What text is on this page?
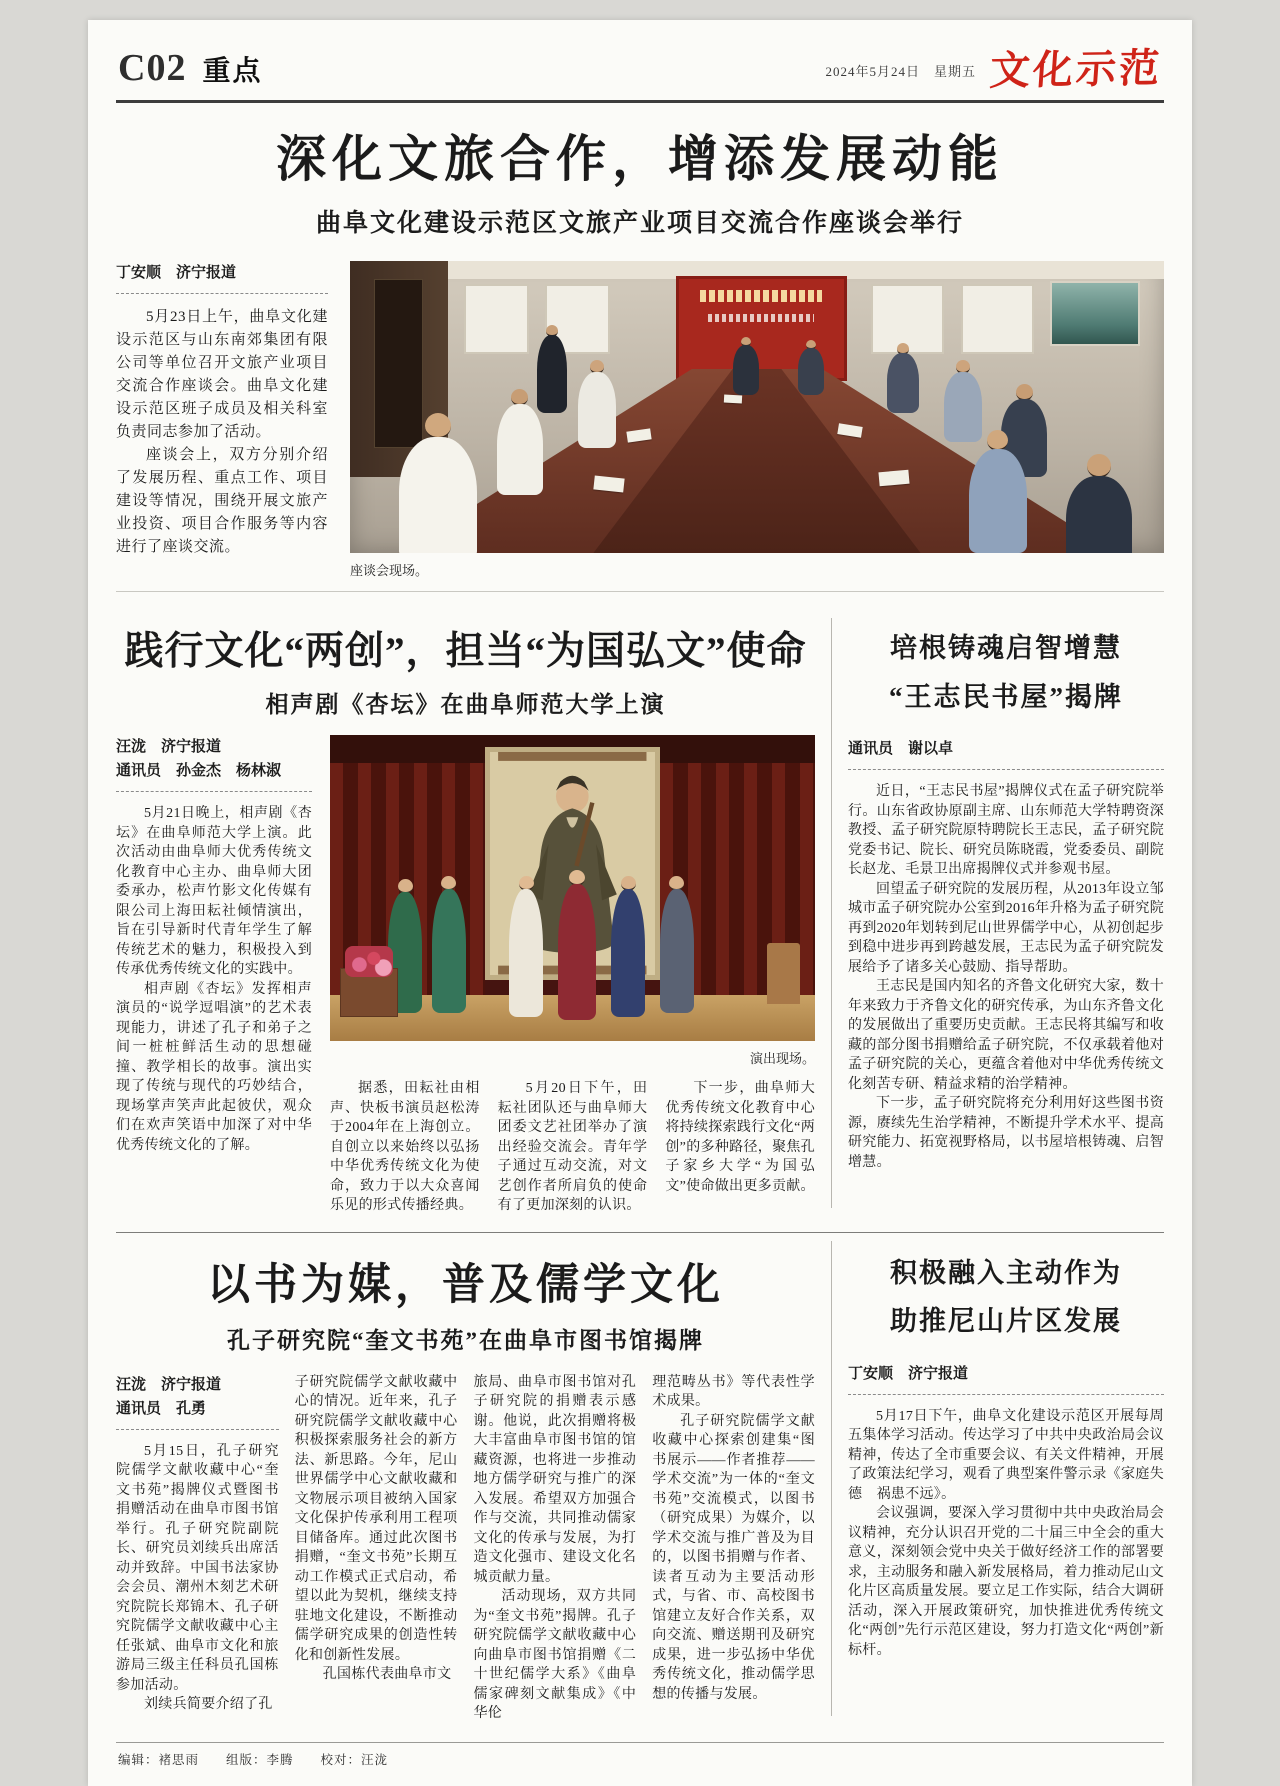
C02 重点	2024年5月24日　星期五 文化示范
深化文旅合作，增添发展动能
曲阜文化建设示范区文旅产业项目交流合作座谈会举行
丁安顺　济宁报道

5月23日上午，曲阜文化建设示范区与山东南郊集团有限公司等单位召开文旅产业项目交流合作座谈会。曲阜文化建设示范区班子成员及相关科室负责同志参加了活动。

座谈会上，双方分别介绍了发展历程、重点工作、项目建设等情况，围绕开展文旅产业投资、项目合作服务等内容进行了座谈交流。

座谈会现场。
践行文化“两创”，担当“为国弘文”使命
相声剧《杏坛》在曲阜师范大学上演
汪泷　济宁报道
通讯员　孙金杰　杨林淑

5月21日晚上，相声剧《杏坛》在曲阜师范大学上演。此次活动由曲阜师大优秀传统文化教育中心主办、曲阜师大团委承办，松声竹影文化传媒有限公司上海田耘社倾情演出，旨在引导新时代青年学生了解传统艺术的魅力，积极投入到传承优秀传统文化的实践中。

相声剧《杏坛》发挥相声演员的“说学逗唱演”的艺术表现能力，讲述了孔子和弟子之间一桩桩鲜活生动的思想碰撞、教学相长的故事。演出实现了传统与现代的巧妙结合，现场掌声笑声此起彼伏，观众们在欢声笑语中加深了对中华优秀传统文化的了解。

演出现场。

据悉，田耘社由相声、快板书演员赵松涛于2004年在上海创立。自创立以来始终以弘扬中华优秀传统文化为使命，致力于以大众喜闻乐见的形式传播经典。

5月20日下午，田耘社团队还与曲阜师大团委文艺社团举办了演出经验交流会。青年学子通过互动交流，对文艺创作者所肩负的使命有了更加深刻的认识。

下一步，曲阜师大优秀传统文化教育中心将持续探索践行文化“两创”的多种路径，聚焦孔子家乡大学“为国弘文”使命做出更多贡献。

培根铸魂启智增慧
“王志民书屋”揭牌
通讯员　谢以卓

近日，“王志民书屋”揭牌仪式在孟子研究院举行。山东省政协原副主席、山东师范大学特聘资深教授、孟子研究院原特聘院长王志民，孟子研究院党委书记、院长、研究员陈晓霞，党委委员、副院长赵龙、毛景卫出席揭牌仪式并参观书屋。

回望孟子研究院的发展历程，从2013年设立邹城市孟子研究院办公室到2016年升格为孟子研究院再到2020年划转到尼山世界儒学中心，从初创起步到稳中进步再到跨越发展，王志民为孟子研究院发展给予了诸多关心鼓励、指导帮助。

王志民是国内知名的齐鲁文化研究大家，数十年来致力于齐鲁文化的研究传承，为山东齐鲁文化的发展做出了重要历史贡献。王志民将其编写和收藏的部分图书捐赠给孟子研究院，不仅承载着他对孟子研究院的关心，更蕴含着他对中华优秀传统文化刻苦专研、精益求精的治学精神。

下一步，孟子研究院将充分利用好这些图书资源，赓续先生治学精神，不断提升学术水平、提高研究能力、拓宽视野格局，以书屋培根铸魂、启智增慧。

以书为媒，普及儒学文化
孔子研究院“奎文书苑”在曲阜市图书馆揭牌
汪泷　济宁报道
通讯员　孔勇

5月15日，孔子研究院儒学文献收藏中心“奎文书苑”揭牌仪式暨图书捐赠活动在曲阜市图书馆举行。孔子研究院副院长、研究员刘续兵出席活动并致辞。中国书法家协会会员、潮州木刻艺术研究院院长郑锦木、孔子研究院儒学文献收藏中心主任张斌、曲阜市文化和旅游局三级主任科员孔国栋参加活动。

刘续兵简要介绍了孔

子研究院儒学文献收藏中心的情况。近年来，孔子研究院儒学文献收藏中心积极探索服务社会的新方法、新思路。今年，尼山世界儒学中心文献收藏和文物展示项目被纳入国家文化保护传承利用工程项目储备库。通过此次图书捐赠，“奎文书苑”长期互动工作模式正式启动，希望以此为契机，继续支持驻地文化建设，不断推动儒学研究成果的创造性转化和创新性发展。

孔国栋代表曲阜市文

旅局、曲阜市图书馆对孔子研究院的捐赠表示感谢。他说，此次捐赠将极大丰富曲阜市图书馆的馆藏资源，也将进一步推动地方儒学研究与推广的深入发展。希望双方加强合作与交流，共同推动儒家文化的传承与发展，为打造文化强市、建设文化名城贡献力量。

活动现场，双方共同为“奎文书苑”揭牌。孔子研究院儒学文献收藏中心向曲阜市图书馆捐赠《二十世纪儒学大系》《曲阜儒家碑刻文献集成》《中华伦

理范畴丛书》等代表性学术成果。

孔子研究院儒学文献收藏中心探索创建集“图书展示——作者推荐——学术交流”为一体的“奎文书苑”交流模式，以图书（研究成果）为媒介，以学术交流与推广普及为目的，以图书捐赠与作者、读者互动为主要活动形式，与省、市、高校图书馆建立友好合作关系，双向交流、赠送期刊及研究成果，进一步弘扬中华优秀传统文化，推动儒学思想的传播与发展。

积极融入主动作为
助推尼山片区发展
丁安顺　济宁报道

5月17日下午，曲阜文化建设示范区开展每周五集体学习活动。传达学习了中共中央政治局会议精神，传达了全市重要会议、有关文件精神，开展了政策法纪学习，观看了典型案件警示录《家庭失德　祸患不远》。

会议强调，要深入学习贯彻中共中央政治局会议精神，充分认识召开党的二十届三中全会的重大意义，深刻领会党中央关于做好经济工作的部署要求，主动服务和融入新发展格局，着力推动尼山文化片区高质量发展。要立足工作实际，结合大调研活动，深入开展政策研究，加快推进优秀传统文化“两创”先行示范区建设，努力打造文化“两创”新标杆。

编辑：褚思雨　　组版：李腾　　校对：汪泷
